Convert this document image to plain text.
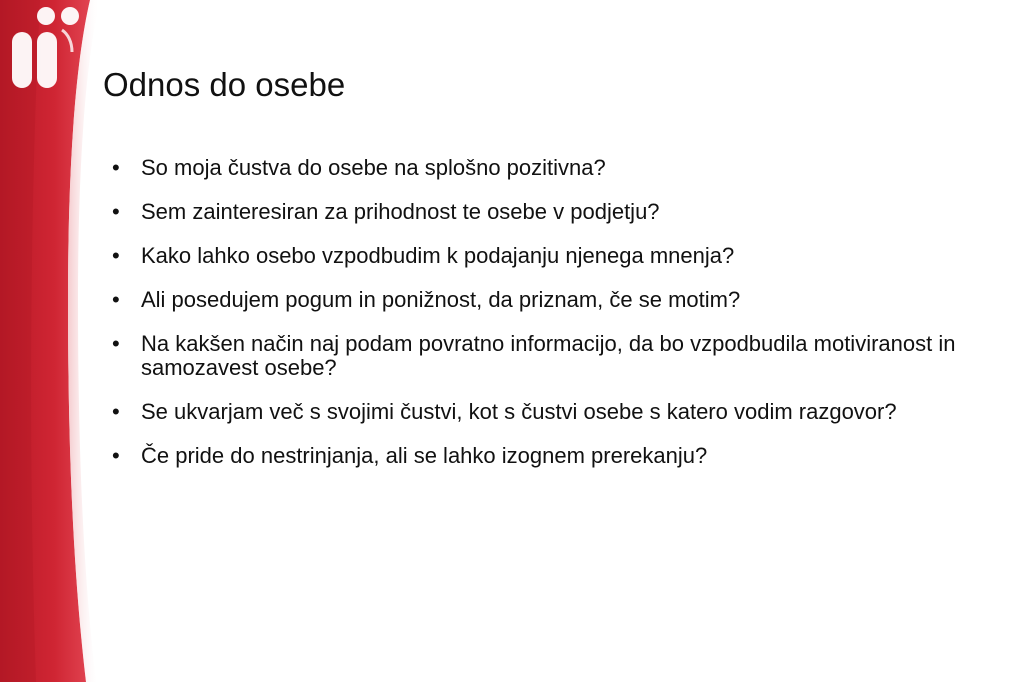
Odnos do osebe
• So moja čustva do osebe na splošno pozitivna?
• Sem zainteresiran za prihodnost te osebe v podjetju?
• Kako lahko osebo vzpodbudim k podajanju njenega mnenja?
• Ali posedujem pogum in ponižnost, da priznam, če se motim?
• Na kakšen način naj podam povratno informacijo, da bo vzpodbudila motiviranost in samozavest osebe?
• Se ukvarjam več s svojimi čustvi, kot s čustvi osebe s katero vodim razgovor?
• Če pride do nestrinjanja, ali se lahko izognem prerekanju?
